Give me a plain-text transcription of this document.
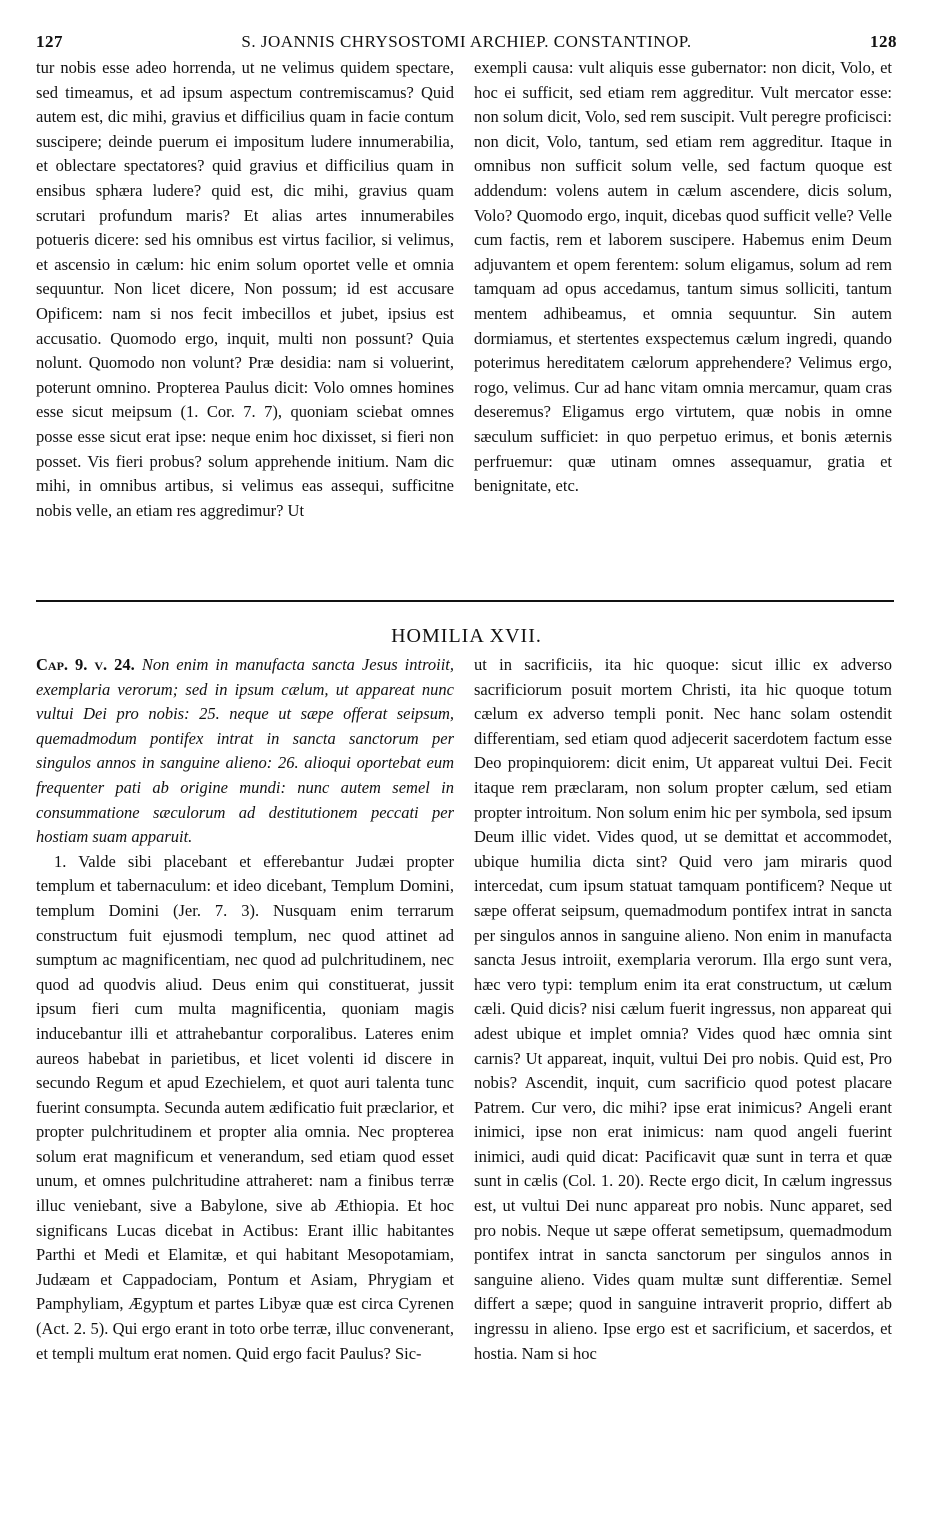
127	S. JOANNIS CHRYSOSTOMI ARCHIEP. CONSTANTINOP.	128

tur nobis esse adeo horrenda, ut ne velimus quidem spectare, sed timeamus, et ad ipsum aspectum contremiscamus? Quid autem est, dic mihi, gravius et difficilius quam in facie contum suscipere; deinde puerum ei impositum ludere innumerabilia, et oblectare spectatores? quid gravius et difficilius quam in ensibus sphæra ludere? quid est, dic mihi, gravius quam scrutari profundum maris? Et alias artes innumerabiles potueris dicere: sed his omnibus est virtus facilior, si velimus, et ascensio in cælum: hic enim solum oportet velle et omnia sequuntur. Non licet dicere, Non possum; id est accusare Opificem: nam si nos fecit imbecillos et jubet, ipsius est accusatio. Quomodo ergo, inquit, multi non possunt? Quia nolunt. Quomodo non volunt? Præ desidia: nam si voluerint, poterunt omnino. Propterea Paulus dicit: Volo omnes homines esse sicut meipsum (1. Cor. 7. 7), quoniam sciebat omnes posse esse sicut erat ipse: neque enim hoc dixisset, si fieri non posset. Vis fieri probus? solum apprehende initium. Nam dic mihi, in omnibus artibus, si velimus eas assequi, sufficitne nobis velle, an etiam res aggredimur? Ut

exempli causa: vult aliquis esse gubernator: non dicit, Volo, et hoc ei sufficit, sed etiam rem aggreditur. Vult mercator esse: non solum dicit, Volo, sed rem suscipit. Vult peregre proficisci: non dicit, Volo, tantum, sed etiam rem aggreditur. Itaque in omnibus non sufficit solum velle, sed factum quoque est addendum: volens autem in cælum ascendere, dicis solum, Volo? Quomodo ergo, inquit, dicebas quod sufficit velle? Velle cum factis, rem et laborem suscipere. Habemus enim Deum adjuvantem et opem ferentem: solum eligamus, solum ad rem tamquam ad opus accedamus, tantum simus solliciti, tantum mentem adhibeamus, et omnia sequuntur. Sin autem dormiamus, et stertentes exspectemus cælum ingredi, quando poterimus hereditatem cælorum apprehendere? Velimus ergo, rogo, velimus. Cur ad hanc vitam omnia mercamur, quam cras deseremus? Eligamus ergo virtutem, quæ nobis in omne sæculum sufficiet: in quo perpetuo erimus, et bonis æternis perfruemur: quæ utinam omnes assequamur, gratia et benignitate, etc.

HOMILIA XVII.

Cap. 9. v. 24. Non enim in manufacta sancta Jesus introiit, exemplaria verorum; sed in ipsum cælum, ut appareat nunc vultui Dei pro nobis: 25. neque ut sæpe offerat seipsum, quemadmodum pontifex intrat in sancta sanctorum per singulos annos in sanguine alieno: 26. alioqui oportebat eum frequenter pati ab origine mundi: nunc autem semel in consummatione sæculorum ad destitutionem peccati per hostiam suam apparuit.

1. Valde sibi placebant et efferebantur Judæi propter templum et tabernaculum: et ideo dicebant, Templum Domini, templum Domini (Jer. 7. 3). Nusquam enim terrarum constructum fuit ejusmodi templum, nec quod attinet ad sumptum ac magnificentiam, nec quod ad pulchritudinem, nec quod ad quodvis aliud. Deus enim qui constituerat, jussit ipsum fieri cum multa magnificentia, quoniam magis inducebantur illi et attrahebantur corporalibus. Lateres enim aureos habebat in parietibus, et licet volenti id discere in secundo Regum et apud Ezechielem, et quot auri talenta tunc fuerint consumpta. Secunda autem ædificatio fuit præclarior, et propter pulchritudinem et propter alia omnia. Nec propterea solum erat magnificum et venerandum, sed etiam quod esset unum, et omnes pulchritudine attraheret: nam a finibus terræ illuc veniebant, sive a Babylone, sive ab Æthiopia. Et hoc significans Lucas dicebat in Actibus: Erant illic habitantes Parthi et Medi et Elamitæ, et qui habitant Mesopotamiam, Judæam et Cappadociam, Pontum et Asiam, Phrygiam et Pamphyliam, Ægyptum et partes Libyæ quæ est circa Cyrenen (Act. 2. 5). Qui ergo erant in toto orbe terræ, illuc convenerant, et templi multum erat nomen. Quid ergo facit Paulus? Sic-

ut in sacrificiis, ita hic quoque: sicut illic ex adverso sacrificiorum posuit mortem Christi, ita hic quoque totum cælum ex adverso templi ponit. Nec hanc solam ostendit differentiam, sed etiam quod adjecerit sacerdotem factum esse Deo propinquiorem: dicit enim, Ut appareat vultui Dei. Fecit itaque rem præclaram, non solum propter cælum, sed etiam propter introitum. Non solum enim hic per symbola, sed ipsum Deum illic videt. Vides quod, ut se demittat et accommodet, ubique humilia dicta sint? Quid vero jam miraris quod intercedat, cum ipsum statuat tamquam pontificem? Neque ut sæpe offerat seipsum, quemadmodum pontifex intrat in sancta per singulos annos in sanguine alieno. Non enim in manufacta sancta Jesus introiit, exemplaria verorum. Illa ergo sunt vera, hæc vero typi: templum enim ita erat constructum, ut cælum cæli. Quid dicis? nisi cælum fuerit ingressus, non appareat qui adest ubique et implet omnia? Vides quod hæc omnia sint carnis? Ut appareat, inquit, vultui Dei pro nobis. Quid est, Pro nobis? Ascendit, inquit, cum sacrificio quod potest placare Patrem. Cur vero, dic mihi? ipse erat inimicus? Angeli erant inimici, ipse non erat inimicus: nam quod angeli fuerint inimici, audi quid dicat: Pacificavit quæ sunt in terra et quæ sunt in cælis (Col. 1. 20). Recte ergo dicit, In cælum ingressus est, ut vultui Dei nunc appareat pro nobis. Nunc apparet, sed pro nobis. Neque ut sæpe offerat semetipsum, quemadmodum pontifex intrat in sancta sanctorum per singulos annos in sanguine alieno. Vides quam multæ sunt differentiæ. Semel differt a sæpe; quod in sanguine intraverit proprio, differt ab ingressu in alieno. Ipse ergo est et sacrificium, et sacerdos, et hostia. Nam si hoc
